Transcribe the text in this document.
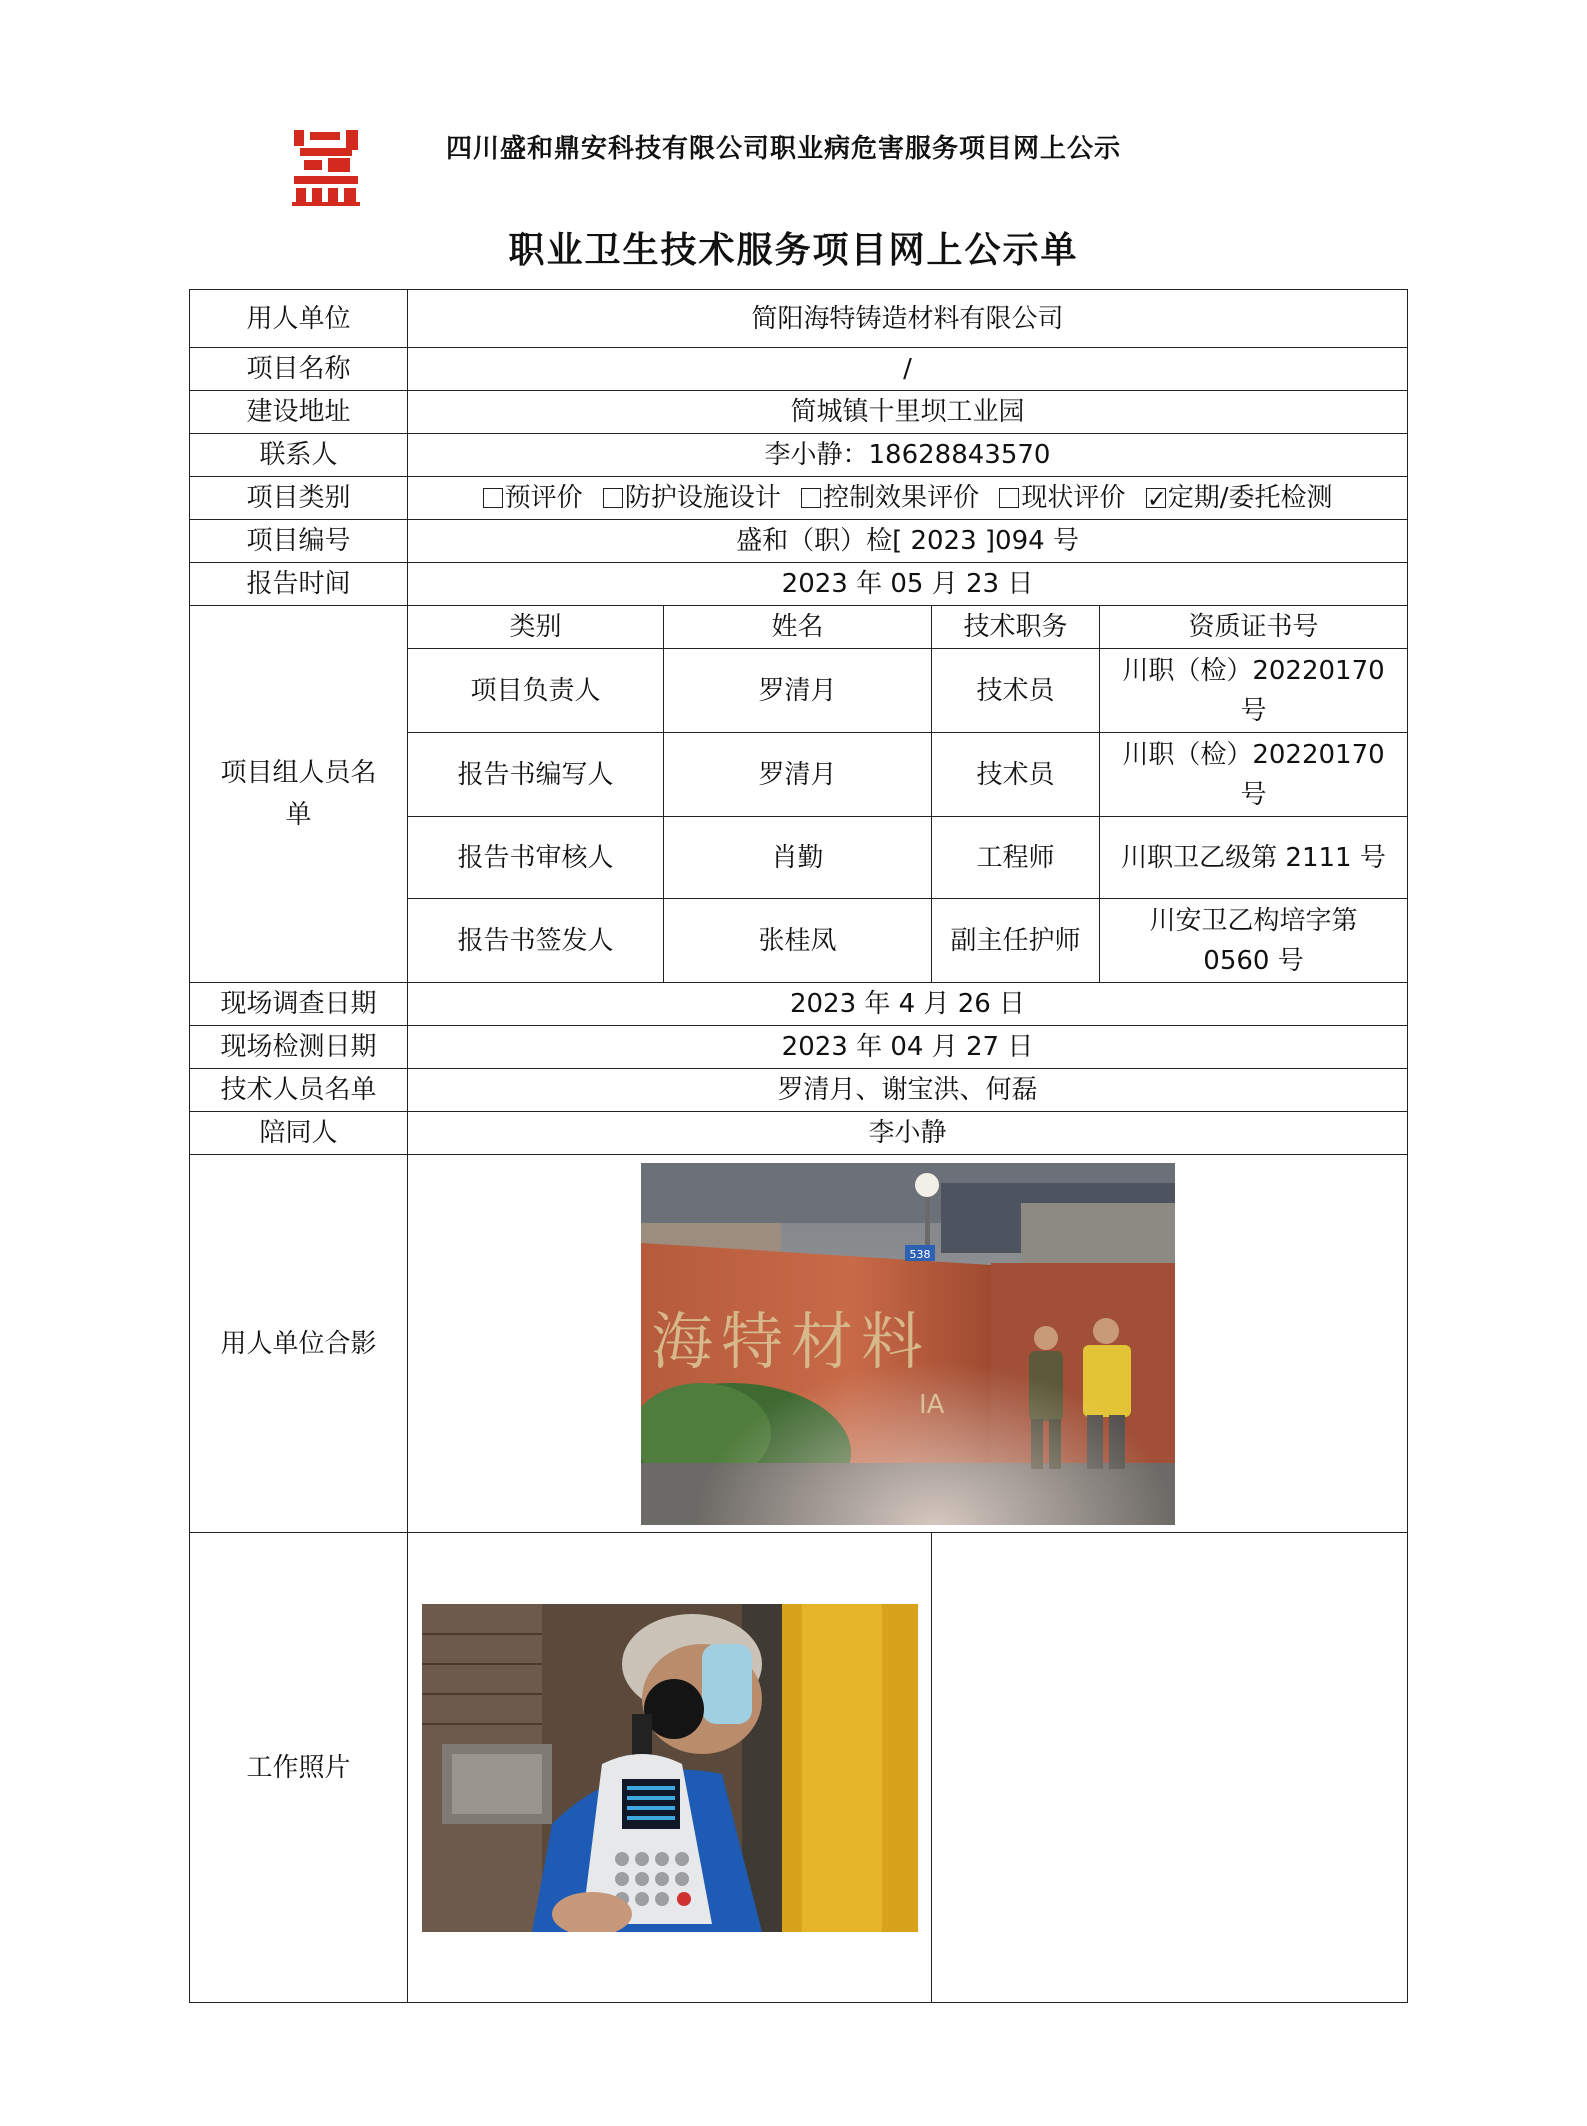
四川盛和鼎安科技有限公司职业病危害服务项目网上公示
职业卫生技术服务项目网上公示单
用人单位	简阳海特铸造材料有限公司			
项目名称	/			
建设地址	简城镇十里坝工业园			
联系人	李小静：18628843570			
项目类别	预评价 防护设施设计 控制效果评价 现状评价 ✓ 定期/委托检测
项目编号	盛和（职）检[ 2023 ]094 号			
报告时间	2023 年 05 月 23 日			
项目组人员名单	类别	姓名	技术职务	资质证书号
	项目负责人	罗清月	技术员	川职（检）20220170 号
	报告书编写人	罗清月	技术员	川职（检）20220170 号
	报告书审核人	肖勤	工程师	川职卫乙级第 2111 号
	报告书签发人	张桂凤	副主任护师	川安卫乙构培字第 0560 号
现场调查日期	2023 年 4 月 26 日			
现场检测日期	2023 年 04 月 27 日			
技术人员名单	罗清月、谢宝洪、何磊			
陪同人	李小静			
用人单位合影	

工作照片	
